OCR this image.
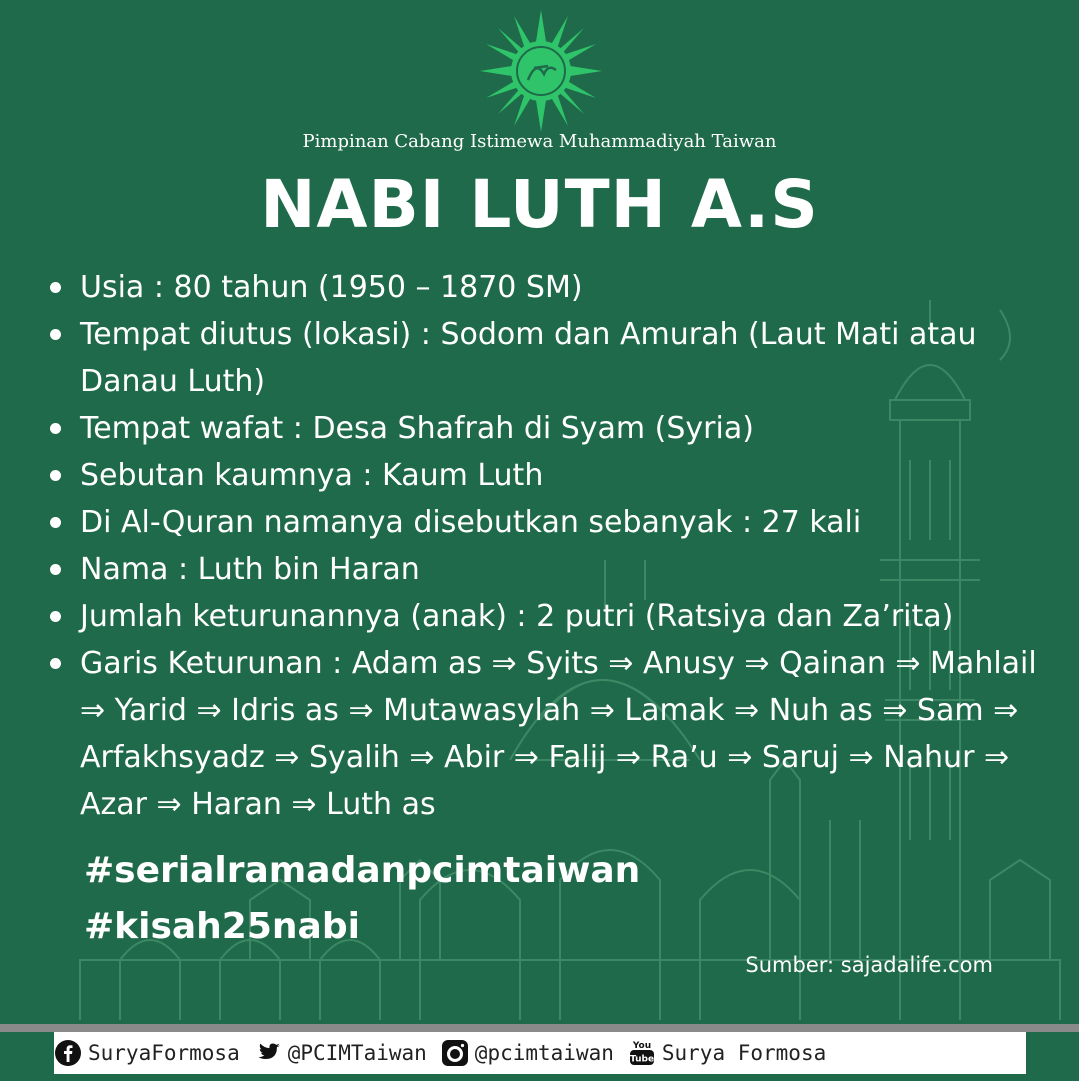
Pimpinan Cabang Istimewa Muhammadiyah Taiwan
NABI LUTH A.S
Usia : 80 tahun (1950 – 1870 SM)
Tempat diutus (lokasi) : Sodom dan Amurah (Laut Mati atau Danau Luth)
Tempat wafat : Desa Shafrah di Syam (Syria)
Sebutan kaumnya : Kaum Luth
Di Al-Quran namanya disebutkan sebanyak : 27 kali
Nama : Luth bin Haran
Jumlah keturunannya (anak) : 2 putri (Ratsiya dan Za’rita)
Garis Keturunan : Adam as ⇒ Syits ⇒ Anusy ⇒ Qainan ⇒ Mahlail ⇒ Yarid ⇒ Idris as ⇒ Mutawasylah ⇒ Lamak ⇒ Nuh as ⇒ Sam ⇒ Arfakhsyadz ⇒ Syalih ⇒ Abir ⇒ Falij ⇒ Ra’u ⇒ Saruj ⇒ Nahur ⇒ Azar ⇒ Haran ⇒ Luth as
#serialramadanpcimtaiwan
#kisah25nabi
Sumber: sajadalife.com
SuryaFormosa @PCIMTaiwan @pcimtaiwan You
Tube Surya Formosa
